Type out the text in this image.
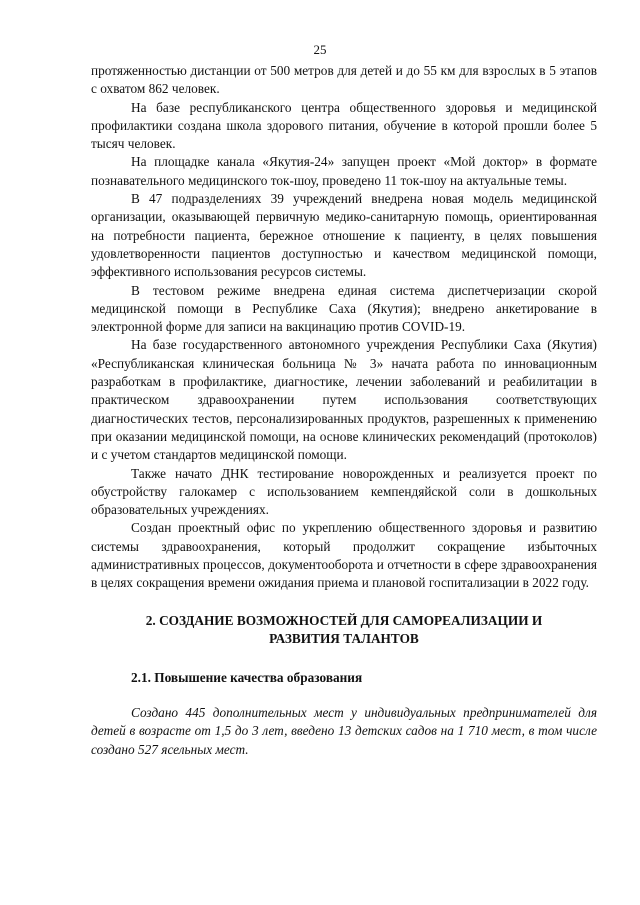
25

протяженностью дистанции от 500 метров для детей и до 55 км для взрослых в 5 этапов с охватом 862 человек.

На базе республиканского центра общественного здоровья и медицинской профилактики создана школа здорового питания, обучение в которой прошли более 5 тысяч человек.

На площадке канала «Якутия-24» запущен проект «Мой доктор» в формате познавательного медицинского ток-шоу, проведено 11 ток-шоу на актуальные темы.

В 47 подразделениях 39 учреждений внедрена новая модель медицинской организации, оказывающей первичную медико-санитарную помощь, ориентированная на потребности пациента, бережное отношение к пациенту, в целях повышения удовлетворенности пациентов доступностью и качеством медицинской помощи, эффективного использования ресурсов системы.

В тестовом режиме внедрена единая система диспетчеризации скорой медицинской помощи в Республике Саха (Якутия); внедрено анкетирование в электронной форме для записи на вакцинацию против COVID-19.

На базе государственного автономного учреждения Республики Саха (Якутия) «Республиканская клиническая больница № 3» начата работа по инновационным разработкам в профилактике, диагностике, лечении заболеваний и реабилитации в практическом здравоохранении путем использования соответствующих диагностических тестов, персонализированных продуктов, разрешенных к применению при оказании медицинской помощи, на основе клинических рекомендаций (протоколов) и с учетом стандартов медицинской помощи.

Также начато ДНК тестирование новорожденных и реализуется проект по обустройству галокамер с использованием кемпендяйской соли в дошкольных образовательных учреждениях.

Создан проектный офис по укреплению общественного здоровья и развитию системы здравоохранения, который продолжит сокращение избыточных административных процессов, документооборота и отчетности в сфере здравоохранения в целях сокращения времени ожидания приема и плановой госпитализации в 2022 году.

2. СОЗДАНИЕ ВОЗМОЖНОСТЕЙ ДЛЯ САМОРЕАЛИЗАЦИИ И
РАЗВИТИЯ ТАЛАНТОВ
2.1. Повышение качества образования

Создано 445 дополнительных мест у индивидуальных предпринимателей для детей в возрасте от 1,5 до 3 лет, введено 13 детских садов на 1 710 мест, в том числе создано 527 ясельных мест.
